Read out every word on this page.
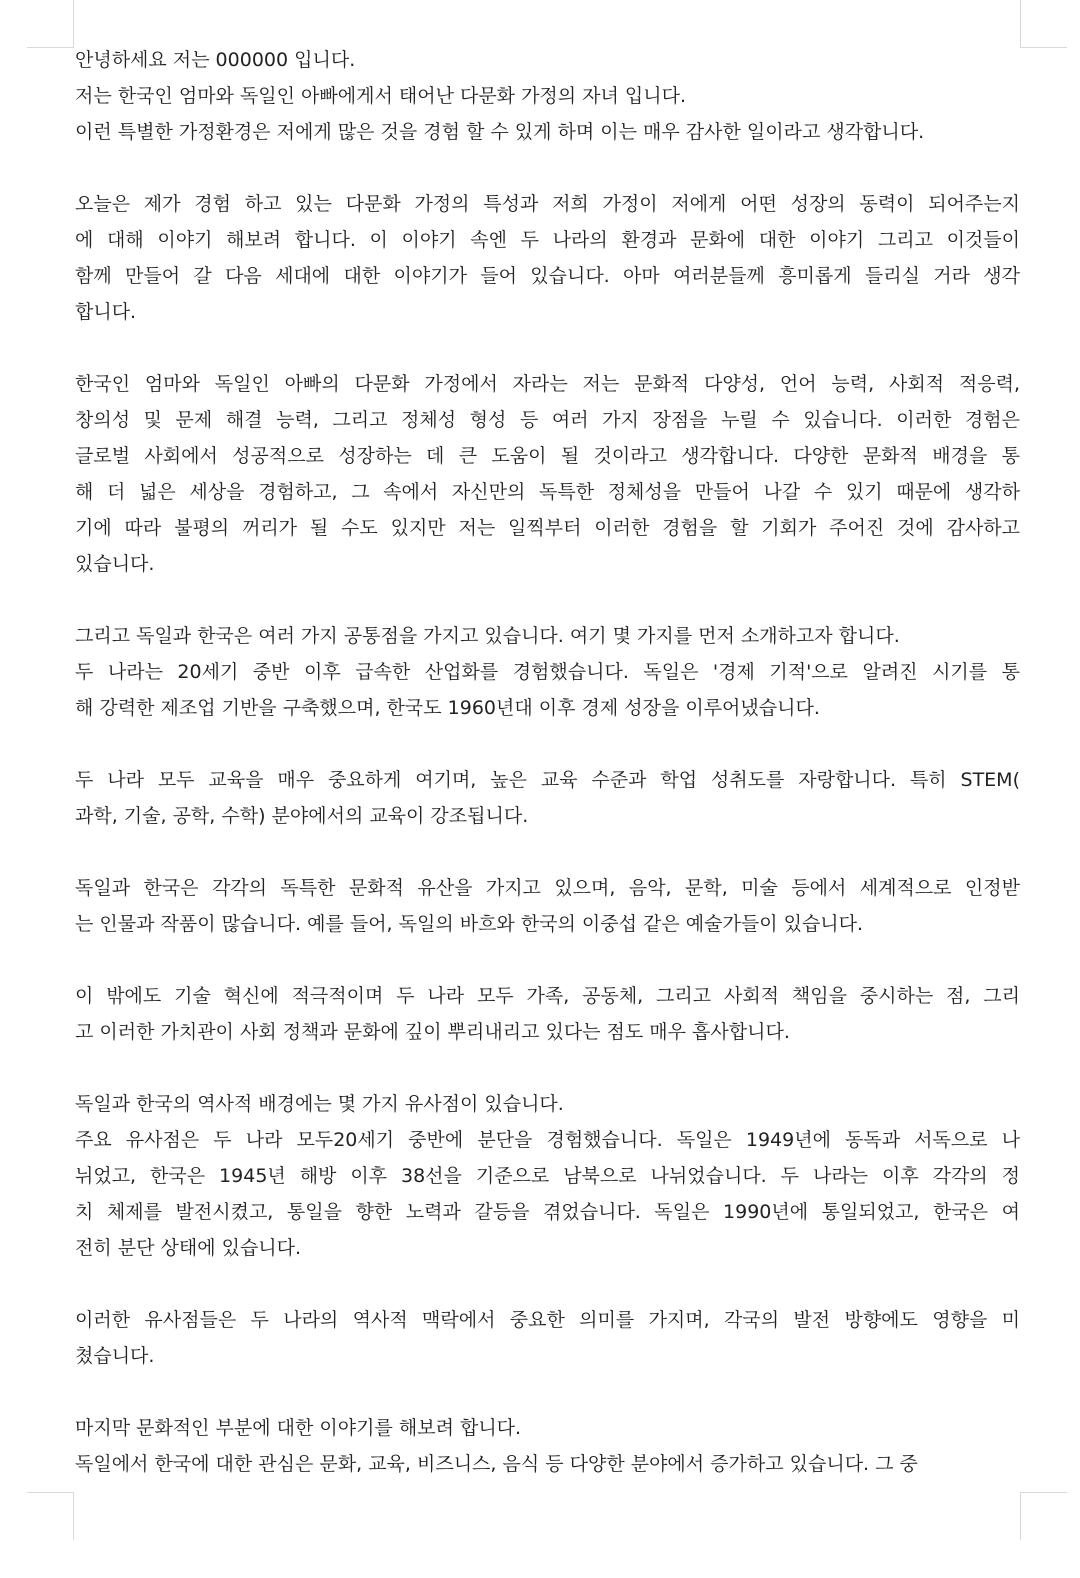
안녕하세요 저는 000000 입니다.
저는 한국인 엄마와 독일인 아빠에게서 태어난 다문화 가정의 자녀 입니다.
이런 특별한 가정환경은 저에게 많은 것을 경험 할 수 있게 하며 이는 매우 감사한 일이라고 생각합니다.
오늘은 제가 경험 하고 있는 다문화 가정의 특성과 저희 가정이 저에게 어떤 성장의 동력이 되어주는지
에 대해 이야기 해보려 합니다. 이 이야기 속엔 두 나라의 환경과 문화에 대한 이야기 그리고 이것들이
함께 만들어 갈 다음 세대에 대한 이야기가 들어 있습니다. 아마 여러분들께 흥미롭게 들리실 거라 생각
합니다.
한국인 엄마와 독일인 아빠의 다문화 가정에서 자라는 저는 문화적 다양성, 언어 능력, 사회적 적응력,
창의성 및 문제 해결 능력, 그리고 정체성 형성 등 여러 가지 장점을 누릴 수 있습니다. 이러한 경험은
글로벌 사회에서 성공적으로 성장하는 데 큰 도움이 될 것이라고 생각합니다. 다양한 문화적 배경을 통
해 더 넓은 세상을 경험하고, 그 속에서 자신만의 독특한 정체성을 만들어 나갈 수 있기 때문에 생각하
기에 따라 불평의 꺼리가 될 수도 있지만 저는 일찍부터 이러한 경험을 할 기회가 주어진 것에 감사하고
있습니다.
그리고 독일과 한국은 여러 가지 공통점을 가지고 있습니다. 여기 몇 가지를 먼저 소개하고자 합니다.
두 나라는 20세기 중반 이후 급속한 산업화를 경험했습니다. 독일은 '경제 기적'으로 알려진 시기를 통
해 강력한 제조업 기반을 구축했으며, 한국도 1960년대 이후 경제 성장을 이루어냈습니다.
두 나라 모두 교육을 매우 중요하게 여기며, 높은 교육 수준과 학업 성취도를 자랑합니다. 특히 STEM(
과학, 기술, 공학, 수학) 분야에서의 교육이 강조됩니다.
독일과 한국은 각각의 독특한 문화적 유산을 가지고 있으며, 음악, 문학, 미술 등에서 세계적으로 인정받
는 인물과 작품이 많습니다. 예를 들어, 독일의 바흐와 한국의 이중섭 같은 예술가들이 있습니다.
이 밖에도 기술 혁신에 적극적이며 두 나라 모두 가족, 공동체, 그리고 사회적 책임을 중시하는 점, 그리
고 이러한 가치관이 사회 정책과 문화에 깊이 뿌리내리고 있다는 점도 매우 흡사합니다.
독일과 한국의 역사적 배경에는 몇 가지 유사점이 있습니다.
주요 유사점은 두 나라 모두20세기 중반에 분단을 경험했습니다. 독일은 1949년에 동독과 서독으로 나
뉘었고, 한국은 1945년 해방 이후 38선을 기준으로 남북으로 나뉘었습니다. 두 나라는 이후 각각의 정
치 체제를 발전시켰고, 통일을 향한 노력과 갈등을 겪었습니다. 독일은 1990년에 통일되었고, 한국은 여
전히 분단 상태에 있습니다.
이러한 유사점들은 두 나라의 역사적 맥락에서 중요한 의미를 가지며, 각국의 발전 방향에도 영향을 미
쳤습니다.
마지막 문화적인 부분에 대한 이야기를 해보려 합니다.
독일에서 한국에 대한 관심은 문화, 교육, 비즈니스, 음식 등 다양한 분야에서 증가하고 있습니다. 그 중
